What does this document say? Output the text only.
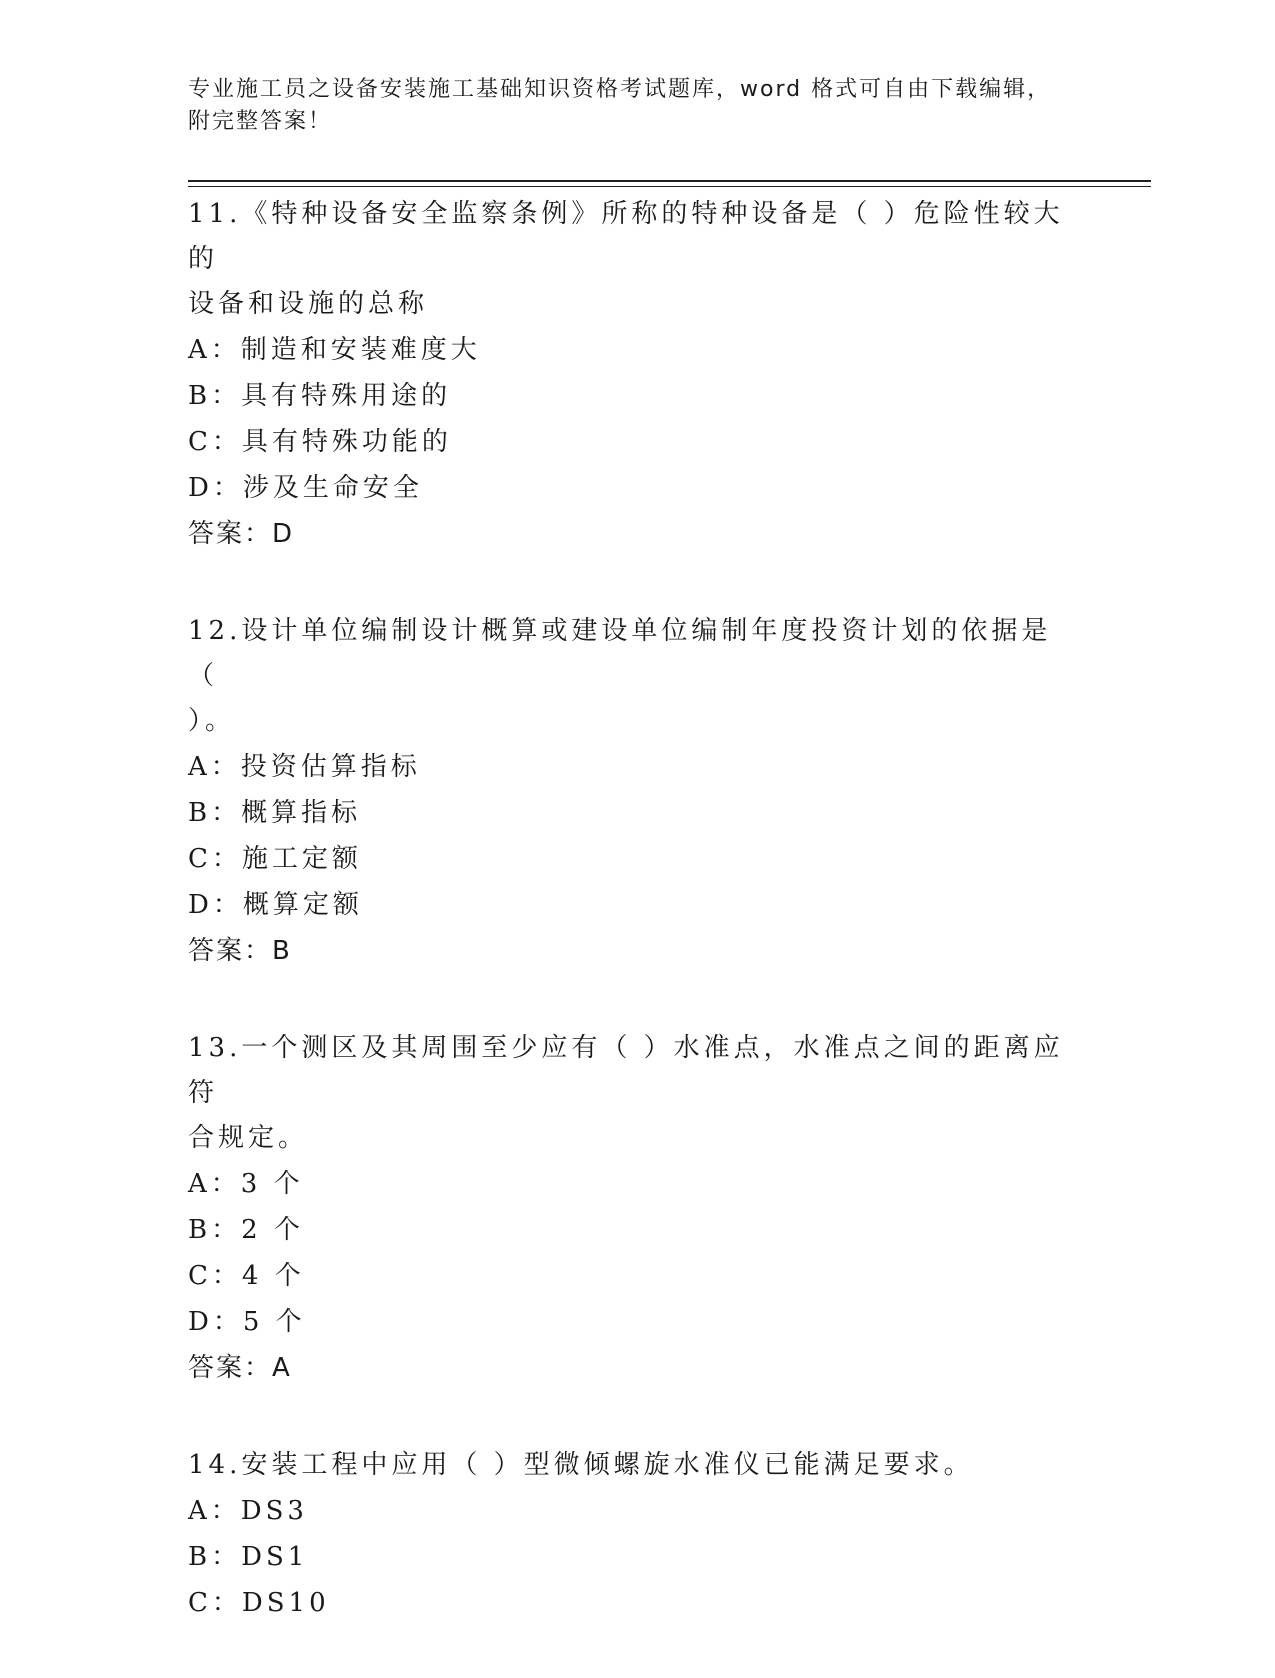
专业施工员之设备安装施工基础知识资格考试题库，word 格式可自由下载编辑，
附完整答案！
11.《特种设备安全监察条例》所称的特种设备是（ ）危险性较大的
设备和设施的总称
A：制造和安装难度大
B：具有特殊用途的
C：具有特殊功能的
D：涉及生命安全
答案：D
12.设计单位编制设计概算或建设单位编制年度投资计划的依据是（
）。
A：投资估算指标
B：概算指标
C：施工定额
D：概算定额
答案：B
13.一个测区及其周围至少应有（ ）水准点，水准点之间的距离应符
合规定。
A：3 个
B：2 个
C：4 个
D：5 个
答案：A
14.安装工程中应用（ ）型微倾螺旋水准仪已能满足要求。
A：DS3
B：DS1
C：DS10
